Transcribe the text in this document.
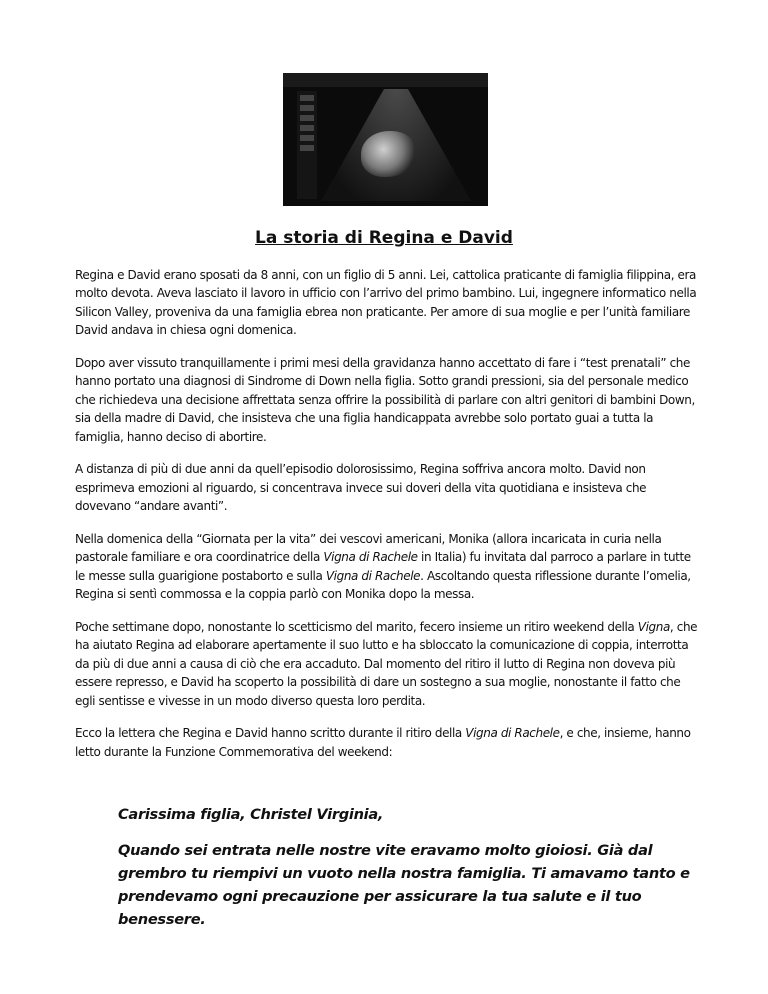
La storia di Regina e David

Regina e David erano sposati da 8 anni, con un figlio di 5 anni. Lei, cattolica praticante di famiglia filippina, era molto devota. Aveva lasciato il lavoro in ufficio con l’arrivo del primo bambino. Lui, ingegnere informatico nella Silicon Valley, proveniva da una famiglia ebrea non praticante. Per amore di sua moglie e per l’unità familiare David andava in chiesa ogni domenica.

Dopo aver vissuto tranquillamente i primi mesi della gravidanza hanno accettato di fare i “test prenatali” che hanno portato una diagnosi di Sindrome di Down nella figlia. Sotto grandi pressioni, sia del personale medico che richiedeva una decisione affrettata senza offrire la possibilità di parlare con altri genitori di bambini Down, sia della madre di David, che insisteva che una figlia handicappata avrebbe solo portato guai a tutta la famiglia, hanno deciso di abortire.

A distanza di più di due anni da quell’episodio dolorosissimo, Regina soffriva ancora molto. David non esprimeva emozioni al riguardo, si concentrava invece sui doveri della vita quotidiana e insisteva che dovevano “andare avanti”.

Nella domenica della “Giornata per la vita” dei vescovi americani, Monika (allora incaricata in curia nella pastorale familiare e ora coordinatrice della Vigna di Rachele in Italia) fu invitata dal parroco a parlare in tutte le messe sulla guarigione postaborto e sulla Vigna di Rachele. Ascoltando questa riflessione durante l’omelia, Regina si sentì commossa e la coppia parlò con Monika dopo la messa.

Poche settimane dopo, nonostante lo scetticismo del marito, fecero insieme un ritiro weekend della Vigna, che ha aiutato Regina ad elaborare apertamente il suo lutto e ha sbloccato la comunicazione di coppia, interrotta da più di due anni a causa di ciò che era accaduto. Dal momento del ritiro il lutto di Regina non doveva più essere represso, e David ha scoperto la possibilità di dare un sostegno a sua moglie, nonostante il fatto che egli sentisse e vivesse in un modo diverso questa loro perdita.

Ecco la lettera che Regina e David hanno scritto durante il ritiro della Vigna di Rachele, e che, insieme, hanno letto durante la Funzione Commemorativa del weekend:

Carissima figlia, Christel Virginia,

Quando sei entrata nelle nostre vite eravamo molto gioiosi. Già dal grembro tu riempivi un vuoto nella nostra famiglia. Ti amavamo tanto e prendevamo ogni precauzione per assicurare la tua salute e il tuo benessere.
